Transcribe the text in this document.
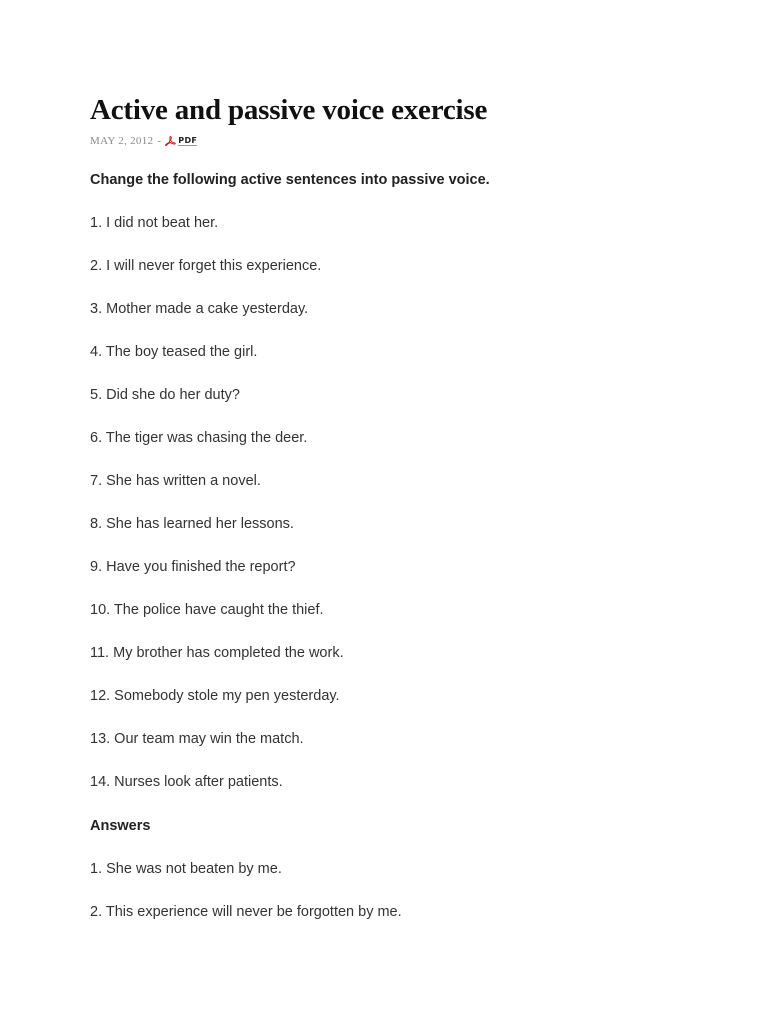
Active and passive voice exercise
MAY 2, 2012 - PDF

Change the following active sentences into passive voice.

1. I did not beat her.

2. I will never forget this experience.

3. Mother made a cake yesterday.

4. The boy teased the girl.

5. Did she do her duty?

6. The tiger was chasing the deer.

7. She has written a novel.

8. She has learned her lessons.

9. Have you finished the report?

10. The police have caught the thief.

11. My brother has completed the work.

12. Somebody stole my pen yesterday.

13. Our team may win the match.

14. Nurses look after patients.

Answers

1. She was not beaten by me.

2. This experience will never be forgotten by me.
